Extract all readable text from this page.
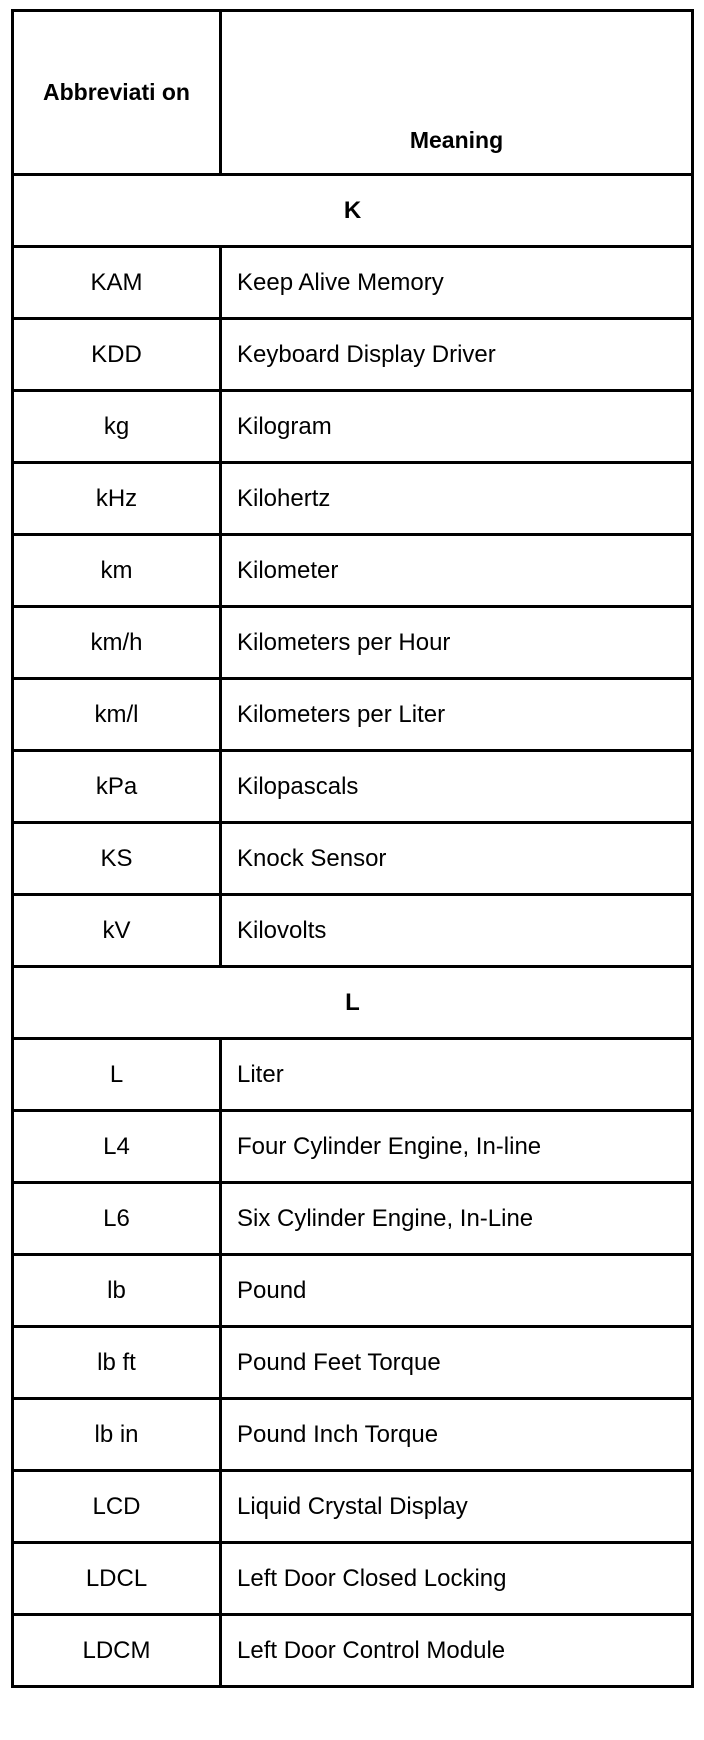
Abbreviati on	Meaning
K	
KAM	Keep Alive Memory
KDD	Keyboard Display Driver
kg	Kilogram
kHz	Kilohertz
km	Kilometer
km/h	Kilometers per Hour
km/l	Kilometers per Liter
kPa	Kilopascals
KS	Knock Sensor
kV	Kilovolts
L	
L	Liter
L4	Four Cylinder Engine, In-line
L6	Six Cylinder Engine, In-Line
lb	Pound
lb ft	Pound Feet Torque
lb in	Pound Inch Torque
LCD	Liquid Crystal Display
LDCL	Left Door Closed Locking
LDCM	Left Door Control Module
